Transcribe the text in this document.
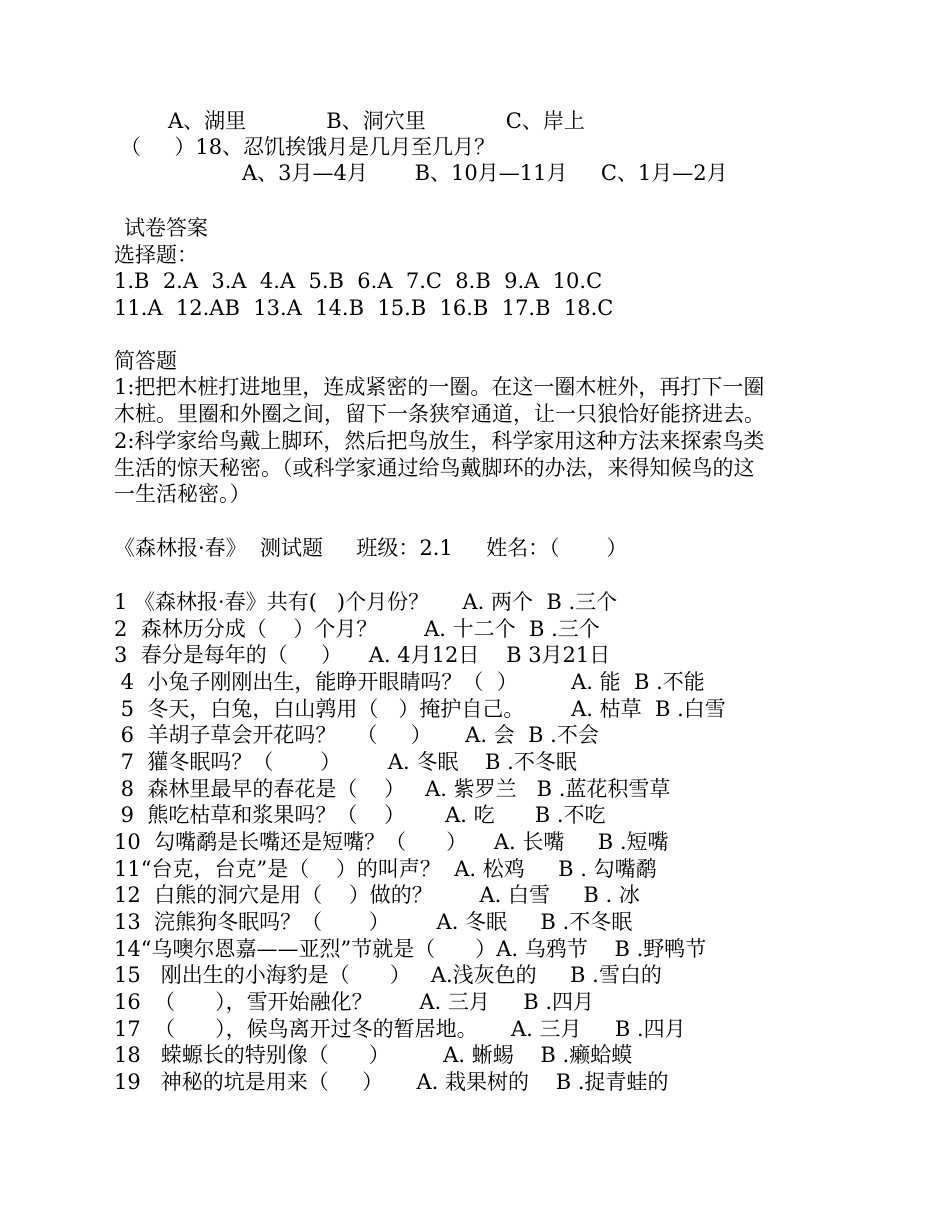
A、湖里            B、洞穴里            C、岸上
（     ）18、忍饥挨饿月是几月至几月？
A、3月—4月       B、10月—11月     C、1月—2月
试卷答案
选择题：
1.B  2.A  3.A  4.A  5.B  6.A  7.C  8.B  9.A  10.C
11.A  12.AB  13.A  14.B  15.B  16.B  17.B  18.C
简答题
1:把把木桩打进地里，连成紧密的一圈。在这一圈木桩外，再打下一圈
木桩。里圈和外圈之间，留下一条狭窄通道，让一只狼恰好能挤进去。
2:科学家给鸟戴上脚环，然后把鸟放生，科学家用这种方法来探索鸟类
生活的惊天秘密。（或科学家通过给鸟戴脚环的办法，来得知候鸟的这
一生活秘密。）
《森林报·春》  测试题     班级：2.1     姓名：（       ）
1 《森林报·春》共有(   )个月份？     A. 两个  B .三个
2  森林历分成（    ）个月？       A. 十二个  B .三个
3  春分是每年的（     ）    A. 4月12日    B 3月21日
4  小兔子刚刚出生，能睁开眼睛吗？（  ）        A. 能  B .不能
5  冬天，白兔，白山鹑用（   ）掩护自己。       A. 枯草  B .白雪
6  羊胡子草会开花吗？   （     ）     A. 会  B .不会
7  獾冬眠吗？（       ）       A. 冬眠    B .不冬眠
8  森林里最早的春花是（    ）   A. 紫罗兰   B .蓝花积雪草
9  熊吃枯草和浆果吗？（    ）      A. 吃      B .不吃
10  勾嘴鹬是长嘴还是短嘴？（      ）    A. 长嘴     B .短嘴
11“台克，台克”是（    ）的叫声？  A. 松鸡     B . 勾嘴鹬
12  白熊的洞穴是用（    ）做的？       A. 白雪     B . 冰
13  浣熊狗冬眠吗？（       ）       A. 冬眠     B .不冬眠
14“乌噢尔恩嘉——亚烈”节就是（      ）A. 乌鸦节    B .野鸭节
15   刚出生的小海豹是（      ）   A.浅灰色的     B .雪白的
16  （      ），雪开始融化？       A. 三月     B .四月
17  （      ），候鸟离开过冬的暂居地。     A. 三月     B .四月
18   蝾螈长的特别像（      ）        A. 蜥蜴    B .癞蛤蟆
19   神秘的坑是用来（     ）     A. 栽果树的    B .捉青蛙的
